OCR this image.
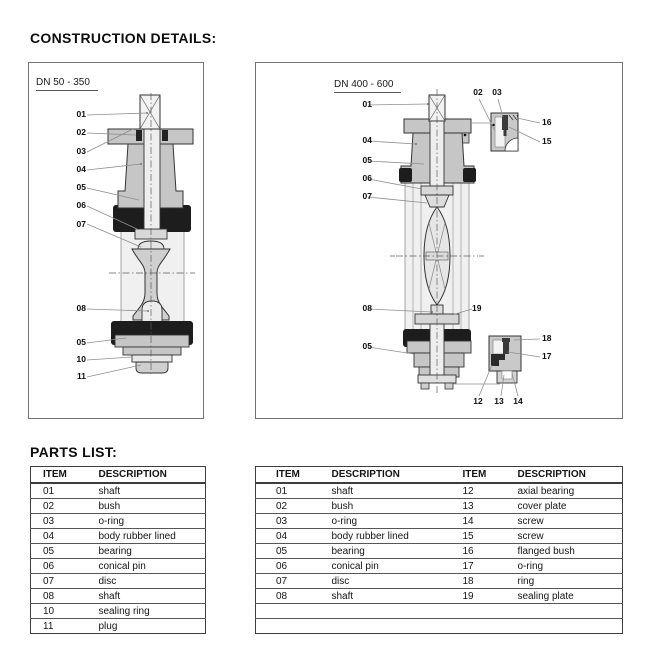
CONSTRUCTION DETAILS:
DN 50 - 350
01
02
03
04
05
06
07
08
05
10
11
DN 400 - 600
01
04
05
06
07
02	03
16
15
08	19
05
18
17
12	13	14
PARTS LIST:
ITEM	DESCRIPTION
01	shaft
02	bush
03	o-ring
04	body rubber lined
05	bearing
06	conical pin
07	disc
08	shaft
10	sealing ring
11	plug
ITEM	DESCRIPTION	ITEM	DESCRIPTION
01	shaft	12	axial bearing
02	bush	13	cover plate
03	o-ring	14	screw
04	body rubber lined	15	screw
05	bearing	16	flanged bush
06	conical pin	17	o-ring
07	disc	18	ring
08	shaft	19	sealing plate
